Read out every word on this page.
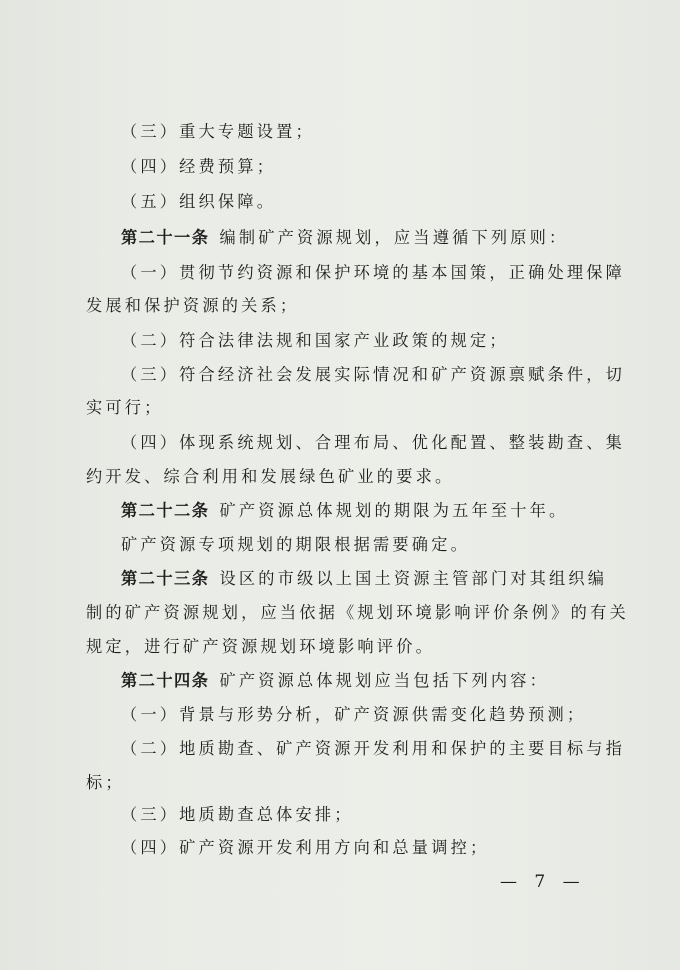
（三）重大专题设置；
（四）经费预算；
（五）组织保障。
第二十一条 编制矿产资源规划，应当遵循下列原则：
（一）贯彻节约资源和保护环境的基本国策，正确处理保障
发展和保护资源的关系；
（二）符合法律法规和国家产业政策的规定；
（三）符合经济社会发展实际情况和矿产资源禀赋条件，切
实可行；
（四）体现系统规划、合理布局、优化配置、整装勘查、集
约开发、综合利用和发展绿色矿业的要求。
第二十二条 矿产资源总体规划的期限为五年至十年。
矿产资源专项规划的期限根据需要确定。
第二十三条 设区的市级以上国土资源主管部门对其组织编
制的矿产资源规划，应当依据《规划环境影响评价条例》的有关
规定，进行矿产资源规划环境影响评价。
第二十四条 矿产资源总体规划应当包括下列内容：
（一）背景与形势分析，矿产资源供需变化趋势预测；
（二）地质勘查、矿产资源开发利用和保护的主要目标与指
标；
（三）地质勘查总体安排；
（四）矿产资源开发利用方向和总量调控；
— 7 —
